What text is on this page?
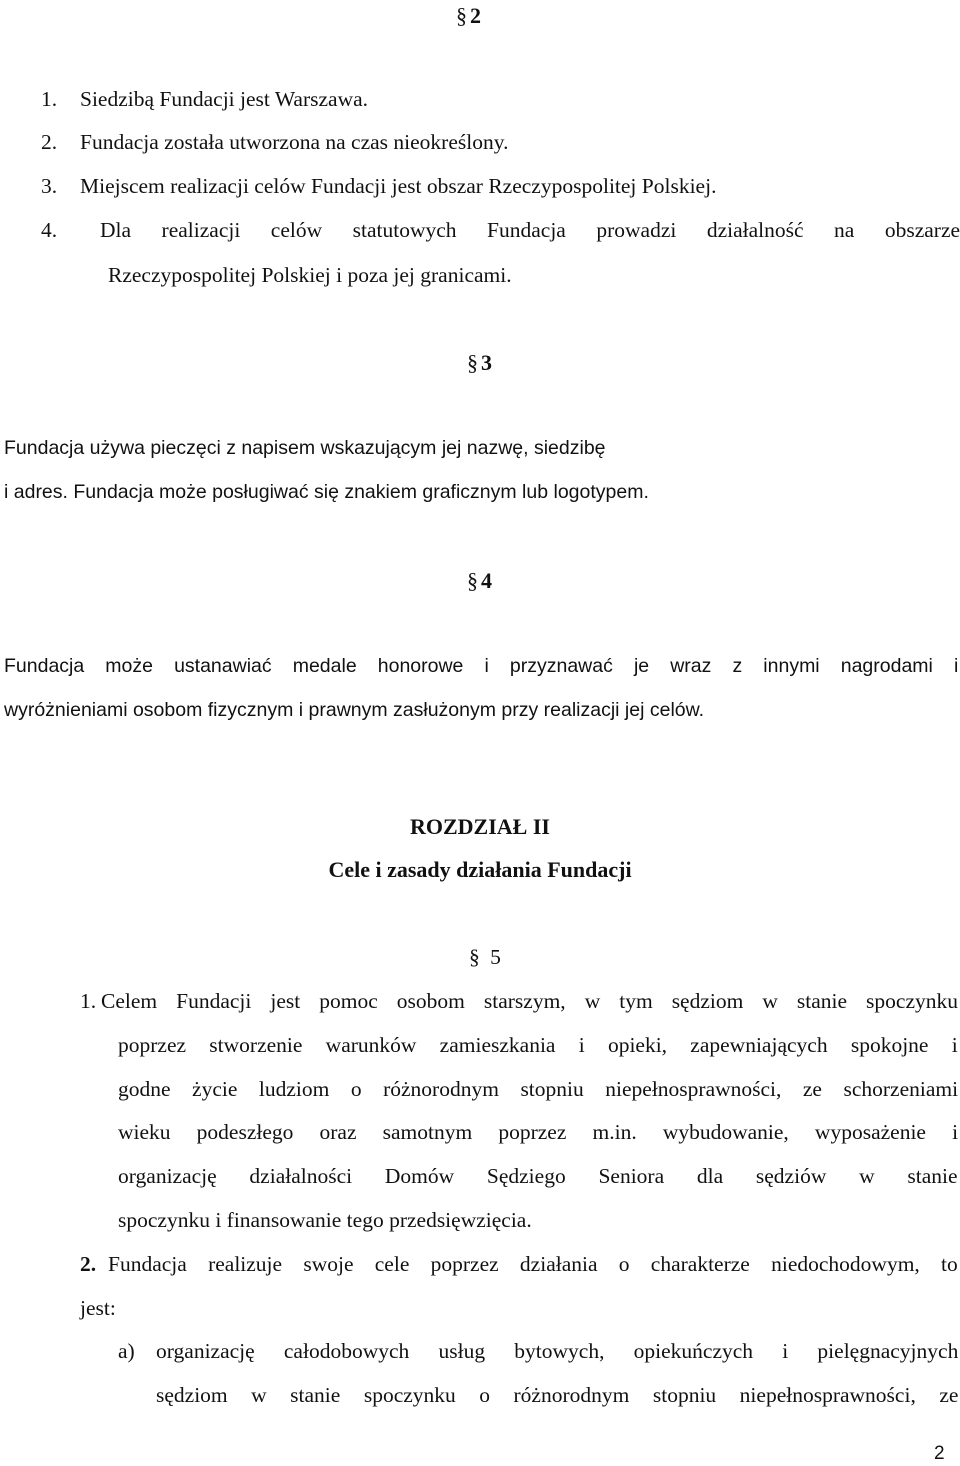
§ 2
1. Siedzibą Fundacji jest Warszawa.
2. Fundacja została utworzona na czas nieokreślony.
3. Miejscem realizacji celów Fundacji jest obszar Rzeczypospolitej Polskiej.
4. Dla realizacji celów statutowych Fundacja prowadzi działalność na obszarze
Rzeczypospolitej Polskiej i poza jej granicami.
§ 3
Fundacja używa pieczęci z napisem wskazującym jej nazwę, siedzibę
i adres. Fundacja może posługiwać się znakiem graficznym lub logotypem.
§ 4
Fundacja może ustanawiać medale honorowe i przyznawać je wraz z innymi nagrodami i
wyróżnieniami osobom fizycznym i prawnym zasłużonym przy realizacji jej celów.
ROZDZIAŁ II
Cele i zasady działania Fundacji
§ 5
1. Celem Fundacji jest pomoc osobom starszym, w tym sędziom w stanie spoczynku
poprzez stworzenie warunków zamieszkania i opieki, zapewniających spokojne i
godne życie ludziom o różnorodnym stopniu niepełnosprawności, ze schorzeniami
wieku podeszłego oraz samotnym poprzez m.in. wybudowanie, wyposażenie i
organizację działalności Domów Sędziego Seniora dla sędziów w stanie
spoczynku i finansowanie tego przedsięwzięcia.
2. Fundacja realizuje swoje cele poprzez działania o charakterze niedochodowym, to
jest:
a) organizację całodobowych usług bytowych, opiekuńczych i pielęgnacyjnych
sędziom w stanie spoczynku o różnorodnym stopniu niepełnosprawności, ze
2
